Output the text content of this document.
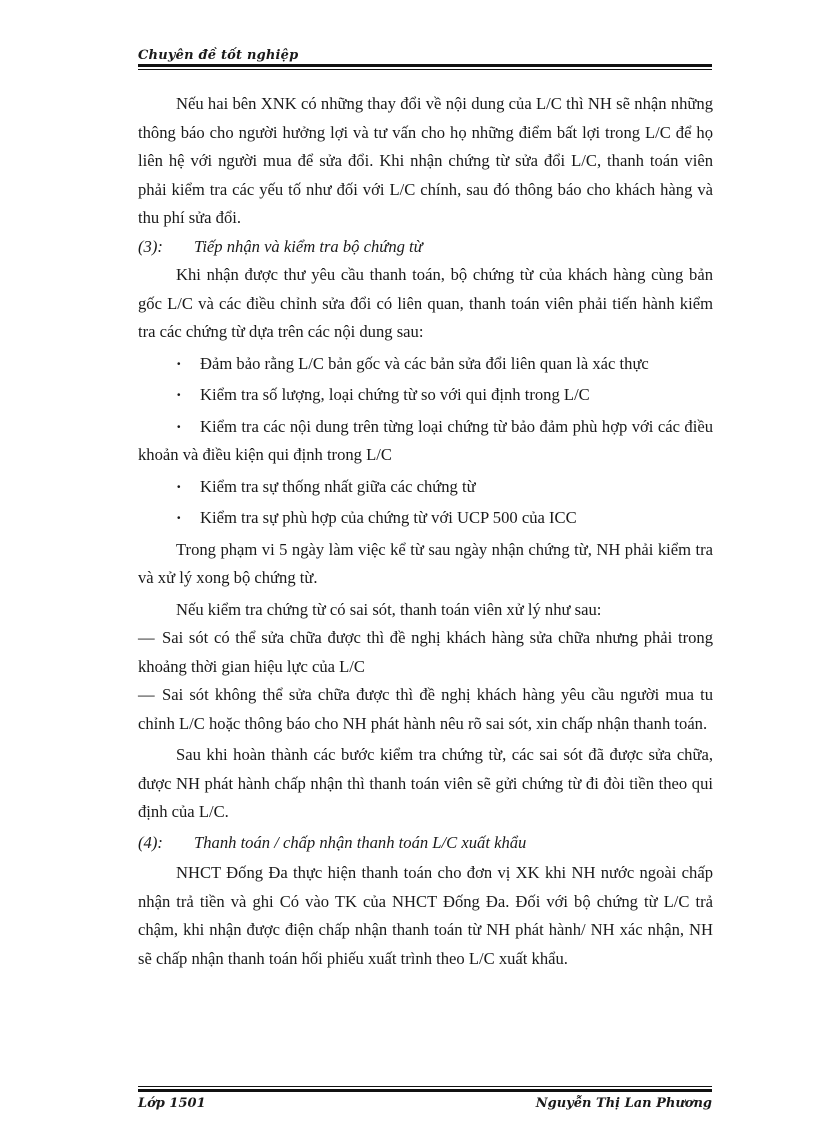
Chuyên đề tốt nghiệp

Nếu hai bên XNK có những thay đổi về nội dung của L/C thì NH sẽ nhận những thông báo cho người hưởng lợi và tư vấn cho họ những điểm bất lợi trong L/C để họ liên hệ với người mua để sửa đổi. Khi nhận chứng từ sửa đổi L/C, thanh toán viên phải kiểm tra các yếu tố như đối với L/C chính, sau đó thông báo cho khách hàng và thu phí sửa đổi.

(3): Tiếp nhận và kiểm tra bộ chứng từ

Khi nhận được thư yêu cầu thanh toán, bộ chứng từ của khách hàng cùng bản gốc L/C và các điều chỉnh sửa đổi có liên quan, thanh toán viên phải tiến hành kiểm tra các chứng từ dựa trên các nội dung sau:

·	Đảm bảo rằng L/C bản gốc và các bản sửa đổi liên quan là xác thực
·	Kiểm tra số lượng, loại chứng từ so với qui định trong L/C

· Kiểm tra các nội dung trên từng loại chứng từ bảo đảm phù hợp với các điều khoản và điều kiện qui định trong L/C

·	Kiểm tra sự thống nhất giữa các chứng từ
·	Kiểm tra sự phù hợp của chứng từ với UCP 500 của ICC

Trong phạm vi 5 ngày làm việc kể từ sau ngày nhận chứng từ, NH phải kiểm tra và xử lý xong bộ chứng từ.

Nếu kiểm tra chứng từ có sai sót, thanh toán viên xử lý như sau:

— Sai sót có thể sửa chữa được thì đề nghị khách hàng sửa chữa nhưng phải trong khoảng thời gian hiệu lực của L/C

— Sai sót không thể sửa chữa được thì đề nghị khách hàng yêu cầu người mua tu chỉnh L/C hoặc thông báo cho NH phát hành nêu rõ sai sót, xin chấp nhận thanh toán.

Sau khi hoàn thành các bước kiểm tra chứng từ, các sai sót đã được sửa chữa, được NH phát hành chấp nhận thì thanh toán viên sẽ gửi chứng từ đi đòi tiền theo qui định của L/C.

(4): Thanh toán / chấp nhận thanh toán L/C xuất khẩu

NHCT Đống Đa thực hiện thanh toán cho đơn vị XK khi NH nước ngoài chấp nhận trả tiền và ghi Có vào TK của NHCT Đống Đa. Đối với bộ chứng từ L/C trả chậm, khi nhận được điện chấp nhận thanh toán từ NH phát hành/ NH xác nhận, NH sẽ chấp nhận thanh toán hối phiếu xuất trình theo L/C xuất khẩu.

Lớp 1501	Nguyễn Thị Lan Phương
